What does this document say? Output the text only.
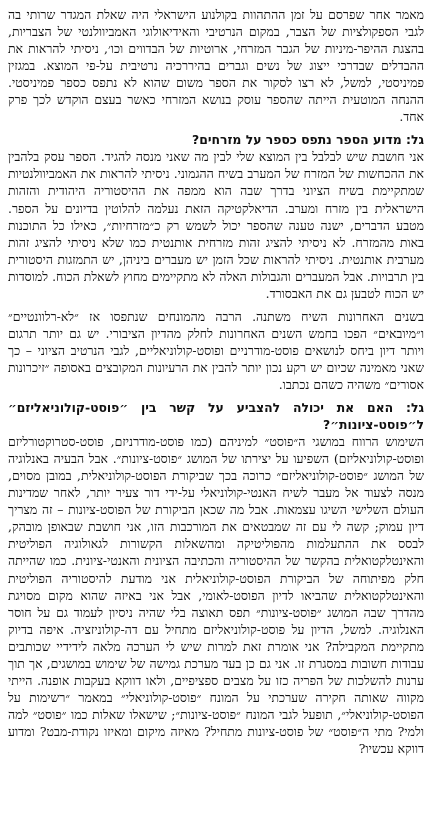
מאמר אחר שפרסם על זמן ההתהוות בקולנוע הישראלי היה שאלת המגדר שרותי בה לגבי הספקולציות של הצבר, במקום הנרטיבי והאידיאולוגי האמביוולנטי של הצבריות, בהצגת ההיפר-מיניות של הגבר המזרחי, ארוטיות של הבדווים וכו׳, ניסיתי להראות את ההבדלים שבדרכי ייצוג של נשים וגברים בהיררכיה נרטיבית על-פי המוצא. במגזין פמיניסטי, למשל, לא רצו לסקור את הספר משום שהוא לא נתפס כספר פמיניסטי. ההנחה המוטעית הייתה שהספר עוסק בנושא המזרחי כאשר בעצם הוקדש לכך פרק אחד.

גל: מדוע הספר נתפס כספר על מזרחים?

אני חושבת שיש לבלבל בין המוצא שלי לבין מה שאני מנסה להגיד. הספר עסק בלהבין את ההכחשות של המזרח של המערב בשיח ההגמוני. ניסיתי להראות את האמביוולנטיות שמתקיימת בשיח הציוני בדרך שבה הוא ממפה את ההיסטוריה היהודית והזהות הישראלית בין מזרח ומערב. הדיאלקטיקה הזאת נעלמה להלוטין בדיונים על הספר. מטבע הדברים, ישנה טענה שהספר יכול לשמש רק כ״מזרחיות״, כאילו כל התוכנות באות מהמזרח. לא ניסיתי להציג זהות מזרחית אותנטית כמו שלא ניסיתי להציג זהות מערבית אותנטית. ניסיתי להראות שכל הזמן יש מעברים ביניהן, יש התמזגות היסטורית בין תרבויות. אבל המעברים והגבולות האלה לא מתקיימים מחוץ לשאלת הכוח. למוסדות יש הכוח לטבען גם את האבסורד.

בשנים האחרונות השיח משתנה. הרבה מהמונחים שנתפסו אז ״לא-רלוונטיים״ ו״מיובאים״ הפכו בחמש השנים האחרונות לחלק מהדיון הציבורי. יש גם יותר תרגום ויותר דיון ביחס לנושאים פוסט-מודרניים ופוסט-קולוניאליים, לגבי הנרטיב הציוני – כך שאני מאמינה שכיום יש רקע נכון יותר להבין את הרעיונות המקובצים באסופה ״זיכרונות אסורים״ משהיה כשהם נכתבו.

גל: האם את יכולה להצביע על קשר בין ״פוסט-קולוניאליזם״ ל״פוסט-ציונות״?

השימוש הרווח במושגי ה״פוסט״ למיניהם (כמו פוסט-מודרניזם, פוסט-סטרוקטורליזם ופוסט-קולוניאליזם) השפיעו על יצירתו של המושג ״פוסט-ציונות״. אבל הבעיה באנלוגיה של המושג ״פוסט-קולוניאליזם״ כרוכה בכך שביקורת הפוסט-קולוניאלית, במובן מסוים, מנסה לצעוד אל מעבר לשיח האנטי-קולוניאלי על-ידי דור צעיר יותר, לאחר שמדינות העולם השלישי השיגו עצמאות. אבל מה שכאן הביקורת של הפוסט-ציונות – זה מצריך דיון עמוק; קשה לי עם זה שמבטאים את המורכבות הזו, אני חושבת שבאופן מובהק, לבסס את ההתעלמות מהפוליטיקה ומהשאלות הקשורות לגאולוגיה הפוליטית והאינטלקטואלית בהקשר של ההיסטוריה והכתיבה הציונית והאנטי-ציונית. כמו שהייתה חלק מפיתוחה של הביקורת הפוסט-קולוניאלית אני מודעת להיסטוריה הפוליטית והאינטלקטואלית שהביאו לדיון הפוסט-לאומי, אבל אני באיזה שהוא מקום מסויגת מהדרך שבה המושג ״פוסט-ציונות״ תפס תאוצה בלי שהיה ניסיון לעמוד גם על חוסר האנלוגיה. למשל, הדיון על פוסט-קולוניאליזם מתחיל עם דה-קולוניזציה. איפה בדיוק מתקיימת המקבילה? אני אומרת זאת למרות שיש לי הערכה מלאה לידידיי שכותבים עבודות חשובות במסגרת זו. אני גם כן בעד מערכת גמישה של שימוש במושגים, אך תוך ערנות להשלכות של הפריה כזו על מצבים ספציפיים, ולאו דווקא בעקבות אופנה. הייתי מקווה שאותה חקירה שערכתי על המונח ״פוסט-קולוניאלי״ במאמר ״רשימות על הפוסט-קולוניאלי״, תופעל לגבי המונח ״פוסט-ציונות״; שישאלו שאלות כמו ״פוסט״ למה ולמי? מתי ה״פוסט״ של פוסט-ציונות מתחיל? מאיזה מיקום ומאיזו נקודת-מבט? ומדוע דווקא עכשיו?
